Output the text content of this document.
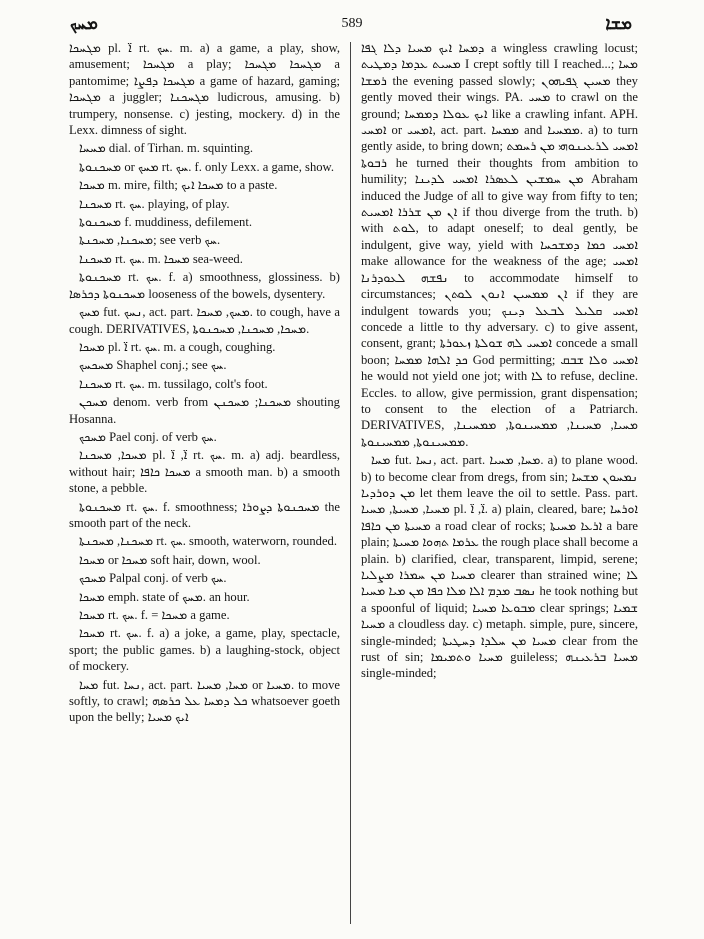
ܡܚܟ	589	ܡܫܐ

ܡܓܚܟܐ pl. ܐ̈ rt. ܚܟ. m. a) a game, a play, show, amusement; ܡܓܚܟܐ a play; ܡܓܚܟܐ ܡܓܚܟܐ a pantomime; ܡܓܚܟܐ ܕܦܨܐ a game of hazard, gaming; ܡܓܚܟܐ a juggler; ܡܓܚܟܢܐ ludicrous, amusing. b) trumpery, nonsense. c) jesting, mockery. d) in the Lexx. dimness of sight.

ܡܚܚܐ dial. of Tirhan. m. squinting.

ܡܚܟܢܘܬܐ or ܡܚܟ rt. ܚܟ. f. only Lexx. a game, show.

ܡܚܟܐ m. mire, filth; ܡܚܟܐ ܐܝܟ to a paste.

ܡܚܟܢܐ rt. ܚܟ. playing, of play.

ܡܚܟܢܘܬܐ f. muddiness, defilement.

ܡܚܟܢܐ, ܡܚܟܢܬܐ; see verb ܚܟ.

ܡܚܟܢܐ rt. ܚܟ. m. ܡܚܟܐ sea-weed.

ܡܚܟܢܘܬܐ rt. ܚܟ. f. a) smoothness, glossiness. b) ܡܚܟܢܘܬܐ ܕܟܪܣܐ looseness of the bowels, dysentery.

ܡܚܟ fut. ܢܚܟ, act. part. ܡܚܟ, ܡܚܟܐ. to cough, have a cough. DERIVATIVES, ܡܚܟܐ, ܡܚܟܢܐ, ܡܚܟܢܘܬܐ.

ܡܚܟܐ pl. ܐ̈ rt. ܚܟ. m. a cough, coughing.

ܡܚܟܚܟ Shaphel conj.; see ܚܟ.

ܡܚܟܢܐ rt. ܚܟ. m. tussilago, colt's foot.

ܡܚܟܢ denom. verb from ܡܚܟܢܐ; ܡܚܟܢܢ shouting Hosanna.

ܡܚܟܟ Pael conj. of verb ܚܟ.

ܡܚܟܐ, ܡܚܟܢܐ pl. ܐ̈, ܐ̈ rt. ܚܟ. m. a) adj. beardless, without hair; ܡܚܟܐ ܟܐܦܐ a smooth man. b) a smooth stone, a pebble.

ܡܚܟܢܘܬܐ rt. ܚܟ. f. smoothness; ܡܚܟܢܘܬܐ ܕܨܘܪܐ the smooth part of the neck.

ܡܚܟܢܐ, ܡܚܟܢܬܐ rt. ܚܟ. smooth, waterworn, rounded.

ܡܚܟܐ or ܡܚܟܐ soft hair, down, wool.

ܡܚܟܟ Palpal conj. of verb ܚܟ.

ܡܚܟܐ emph. state of ܡܚܟ. an hour.

ܡܚܟܐ rt. ܚܟ. f. = ܡܚܟܐ a game.

ܡܚܟܐ rt. ܚܟ. f. a) a joke, a game, play, spectacle, sport; the public games. b) a laughing-stock, object of mockery.

ܡܚܐ fut. ܢܚܐ, act. part. ܡܚܐ, ܡܚܝܐ or ܡܚܝܐ. to move softly, to crawl; ܟܠ ܕܡܚܐ ܥܠ ܟܪܣܗ whatsoever goeth upon the belly; ܐܝܟ ܡܚܝܐ

ܕܡܚܐ ܐܝܟ ܡܚܝܐ ܕܠܐ ܓܦܐ a wingless crawling locust; ܡܚܝܬ ܥܕܡܐ ܕܡܛܝܬ I crept softly till I reached...; ܡܚܐ ܪܡܫܐ the evening passed slowly; ܡܚܝܢ ܓܦܝܗܘܢ they gently moved their wings. PA. ܡܚܝ to crawl on the ground; ܐܝܟ ܥܘܠܐ ܕܡܡܚܐ like a crawling infant. APH. ܐܡܚܝ or ܐܡܚܝ, act. part. ܡܡܚܐ and ܡܡܚܝܐ. a) to turn gently aside, to bring down; ܐܡܚܝ ܠܪܥܝܢܘܗܝ ܡܢ ܪܚܡܬ ܪܒܘܬܐ he turned their thoughts from ambition to humility; ܡܢ ܚܡܫܝܢ ܠܥܣܪܐ ܐܡܚܝ ܠܕܝܢܐ Abraham induced the Judge of all to give way from fifty to ten; ܐܢ ܡܢ ܫܪܪܐ ܐܡܚܝܬ if thou diverge from the truth. b) with ܠܘܬ, to adapt oneself; to deal gently, be indulgent, give way, yield with ܐܡܚܝ ܟܡܐ ܕܡܫܟܚܐ make allowance for the weakness of the age; ܐܡܚܝ ܢܦܫܗ ܠܥܘܕܪܢܐ to accommodate himself to circumstances; ܐܢ ܡܡܚܝܢ ܐܢܘܢ ܠܘܬܢ if they are indulgent towards you; ܐܡܚܝ ܩܠܝܠ ܠܒܥܠ ܕܝܢܟ concede a little to thy adversary. c) to give assent, consent, grant; ܐܡܚܝ ܠܗ ܫܘܠܬܐ ܙܥܘܪܬܐ concede a small boon; ܟܕ ܐܠܗܐ ܡܡܚܐ God permitting; ܐܡܚܝ ܘܠܐ ܫܒܩ he would not yield one jot; with ܠܐ to refuse, decline. Eccles. to allow, give permission, grant dispensation; to consent to the election of a Patriarch. DERIVATIVES, ܡܚܝܐ, ܡܚܝܢܐ, ܡܡܚܝܢܘܬܐ, ܡܡܚܝܢܐ, ܡܡܚܝܢܘܬܐ, ܡܡܚܝܢܘܬܐ.

ܡܚܐ fut. ܢܚܐ, act. part. ܡܚܐ, ܡܚܝܐ. a) to plane wood. b) to become clear from dregs, from sin; ܢܡܚܘܢ ܡܫܚܐ ܡܢ ܕܘܪܕܝܐ let them leave the oil to settle. Pass. part. ܡܚܝܐ, ܡܚܝܬܐ, ܡܚܝܐ pl. ܐ̈, ܐ̈. a) plain, cleared, bare; ܐܘܪܚܐ ܡܚܝܬܐ ܡܢ ܟܐܦܐ a road clear of rocks; ܐܪܥܐ ܡܚܝܬܐ a bare plain; ܥܪܡܐ ܬܗܘܐ ܡܚܝܬܐ the rough place shall become a plain. b) clarified, clear, transparent, limpid, serene; ܡܚܝܐ ܡܢ ܚܡܪܐ ܡܨܠܝܐ clearer than strained wine; ܠܐ ܢܣܒ ܡܕܡ ܐܠܐ ܡܠܐ ܟܦܐ ܡܢ ܡܝܐ ܡܚܝܐ he took nothing but a spoonful of liquid; ܡܒܘܥܐ ܡܚܝܐ clear springs; ܫܡܝܐ ܡܚܝܐ a cloudless day. c) metaph. simple, pure, sincere, single-minded; ܡܚܝܐ ܡܢ ܚܠܕܐ ܕܚܛܝܬܐ clear from the rust of sin; ܡܚܝܐ ܘܬܡܝܡܐ guileless; ܡܚܝܐ ܒܪܥܝܢܗ single-minded;
